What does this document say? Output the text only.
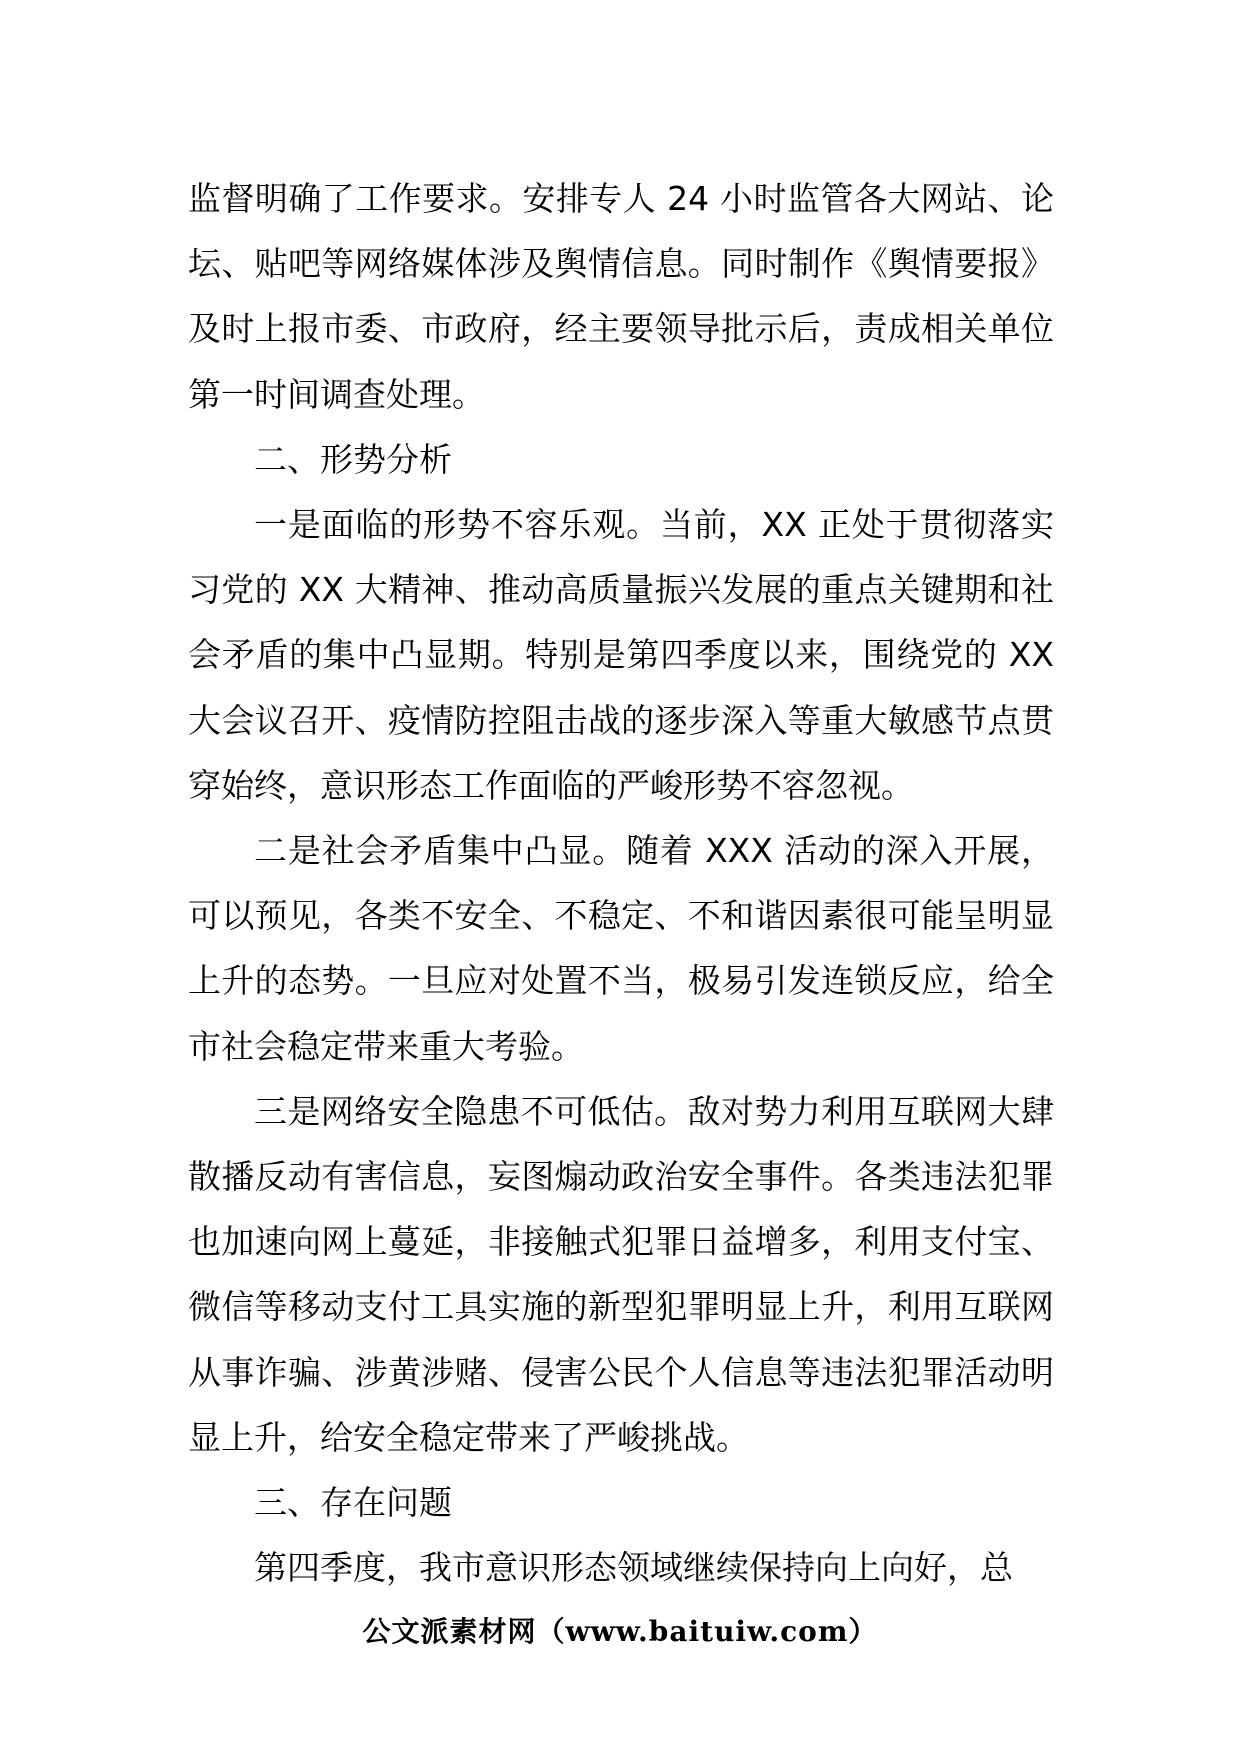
监督明确了工作要求。安排专人 24 小时监管各大网站、论坛、贴吧等网络媒体涉及舆情信息。同时制作《舆情要报》及时上报市委、市政府，经主要领导批示后，责成相关单位第一时间调查处理。

二、形势分析

一是面临的形势不容乐观。当前，XX 正处于贯彻落实习党的 XX 大精神、推动高质量振兴发展的重点关键期和社会矛盾的集中凸显期。特别是第四季度以来，围绕党的 XX 大会议召开、疫情防控阻击战的逐步深入等重大敏感节点贯穿始终，意识形态工作面临的严峻形势不容忽视。

二是社会矛盾集中凸显。随着 XXX 活动的深入开展，可以预见，各类不安全、不稳定、不和谐因素很可能呈明显上升的态势。一旦应对处置不当，极易引发连锁反应，给全市社会稳定带来重大考验。

三是网络安全隐患不可低估。敌对势力利用互联网大肆散播反动有害信息，妄图煽动政治安全事件。各类违法犯罪也加速向网上蔓延，非接触式犯罪日益增多，利用支付宝、微信等移动支付工具实施的新型犯罪明显上升，利用互联网从事诈骗、涉黄涉赌、侵害公民个人信息等违法犯罪活动明显上升，给安全稳定带来了严峻挑战。

三、存在问题

第四季度，我市意识形态领域继续保持向上向好，总

公文派素材网（www.baituiw.com）
